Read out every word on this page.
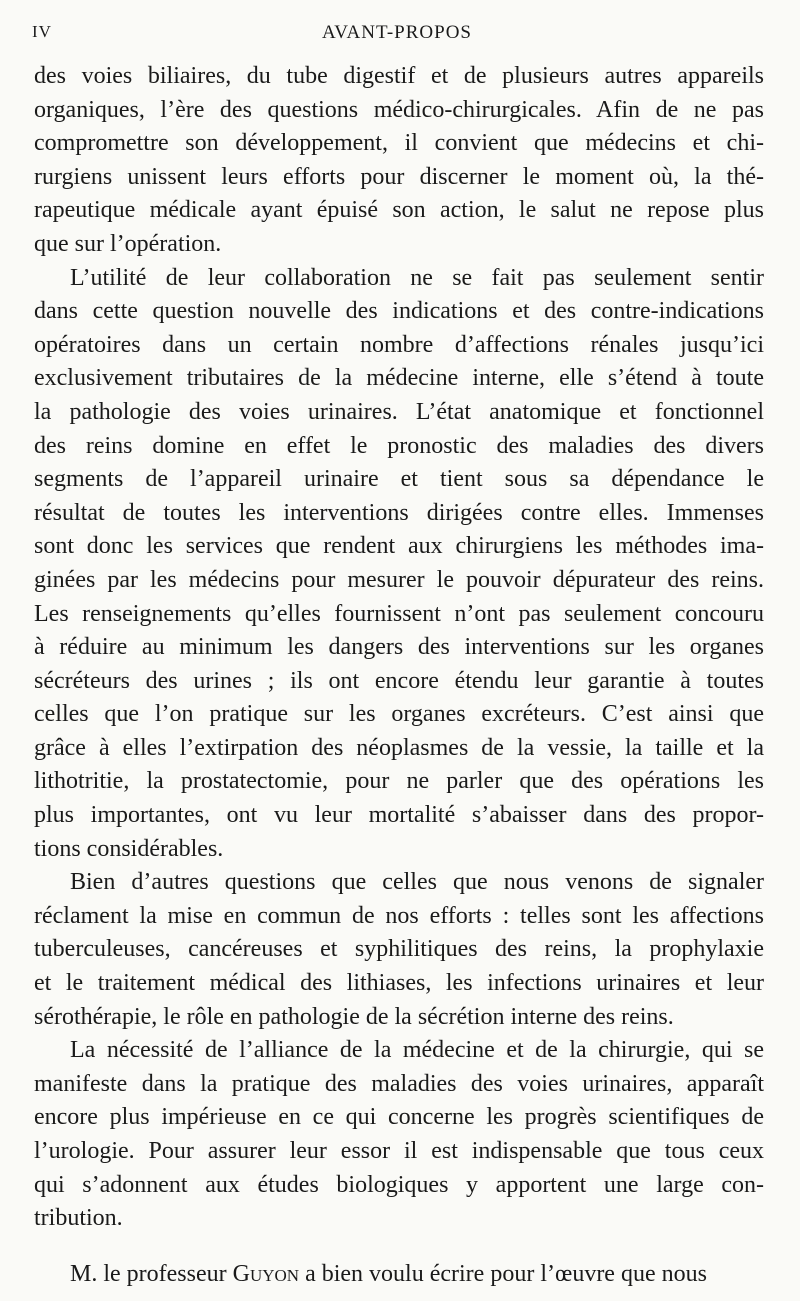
IV	AVANT-PROPOS
des voies biliaires, du tube digestif et de plusieurs autres appareils
organiques, l’ère des questions médico-chirurgicales. Afin de ne pas
compromettre son développement, il convient que médecins et chi-
rurgiens unissent leurs efforts pour discerner le moment où, la thé-
rapeutique médicale ayant épuisé son action, le salut ne repose plus
que sur l’opération.
L’utilité de leur collaboration ne se fait pas seulement sentir
dans cette question nouvelle des indications et des contre-indications
opératoires dans un certain nombre d’affections rénales jusqu’ici
exclusivement tributaires de la médecine interne, elle s’étend à toute
la pathologie des voies urinaires. L’état anatomique et fonctionnel
des reins domine en effet le pronostic des maladies des divers
segments de l’appareil urinaire et tient sous sa dépendance le
résultat de toutes les interventions dirigées contre elles. Immenses
sont donc les services que rendent aux chirurgiens les méthodes ima-
ginées par les médecins pour mesurer le pouvoir dépurateur des reins.
Les renseignements qu’elles fournissent n’ont pas seulement concouru
à réduire au minimum les dangers des interventions sur les organes
sécréteurs des urines ; ils ont encore étendu leur garantie à toutes
celles que l’on pratique sur les organes excréteurs. C’est ainsi que
grâce à elles l’extirpation des néoplasmes de la vessie, la taille et la
lithotritie, la prostatectomie, pour ne parler que des opérations les
plus importantes, ont vu leur mortalité s’abaisser dans des propor-
tions considérables.
Bien d’autres questions que celles que nous venons de signaler
réclament la mise en commun de nos efforts : telles sont les affections
tuberculeuses, cancéreuses et syphilitiques des reins, la prophylaxie
et le traitement médical des lithiases, les infections urinaires et leur
sérothérapie, le rôle en pathologie de la sécrétion interne des reins.
La nécessité de l’alliance de la médecine et de la chirurgie, qui se
manifeste dans la pratique des maladies des voies urinaires, apparaît
encore plus impérieuse en ce qui concerne les progrès scientifiques de
l’urologie. Pour assurer leur essor il est indispensable que tous ceux
qui s’adonnent aux études biologiques y apportent une large con-
tribution.
M. le professeur Guyon a bien voulu écrire pour l’œuvre que nous
